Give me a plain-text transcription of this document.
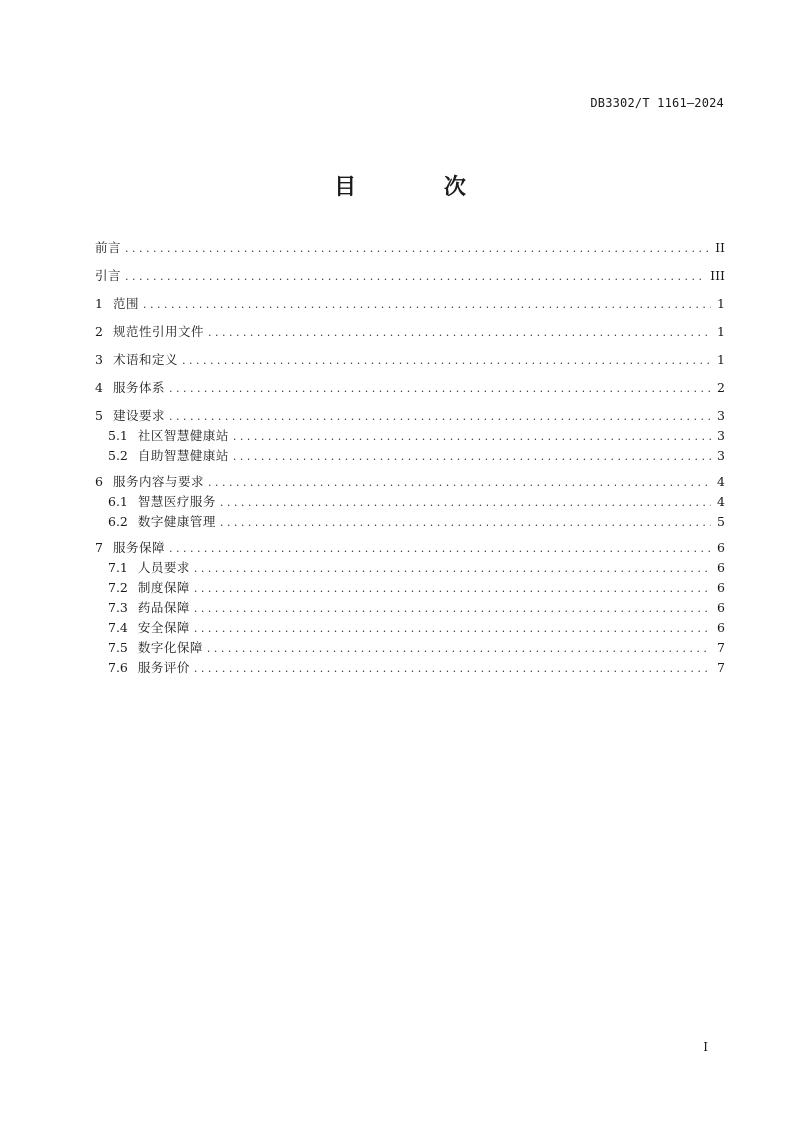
DB3302/T 1161—2024
目 次
前言 . . .	II
引言 . . .	III
1 范围 . . .	1
2 规范性引用文件 . . .	1
3 术语和定义 . . .	1
4 服务体系 . . .	2
5 建设要求 . . .	3
5.1 社区智慧健康站 . . .	3
5.2 自助智慧健康站 . . .	3
6 服务内容与要求 . . .	4
6.1 智慧医疗服务 . . .	4
6.2 数字健康管理 . . .	5
7 服务保障 . . .	6
7.1 人员要求 . . .	6
7.2 制度保障 . . .	6
7.3 药品保障 . . .	6
7.4 安全保障 . . .	6
7.5 数字化保障 . . .	7
7.6 服务评价 . . .	7
I
